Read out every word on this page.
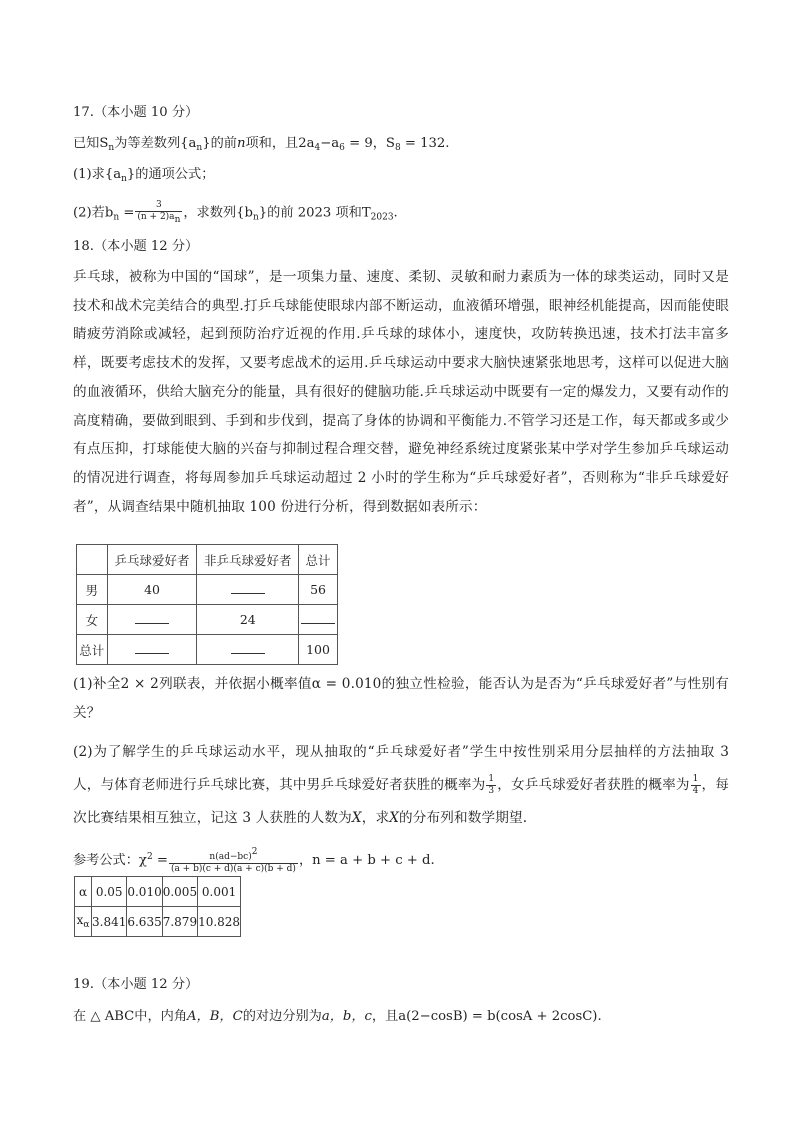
17.（本小题 10 分）
已知$S_n$为等差数列$\{a_n\}$的前n项和，且$2a_4-a_6 = 9$，$S_8 = 132$.
(1)求$\{a_n\}$的通项公式；
(2)若$b_n = \frac{3}{(n + 2)a_n}$ ，求数列$\{b_n\}$的前 2023 项和$T_{2023}$.
18.（本小题 12 分）
乒乓球，被称为中国的“国球”，是一项集力量、速度、柔韧、灵敏和耐力素质为一体的球类运动，同时又是技术和战术完美结合的典型.打乒乓球能使眼球内部不断运动，血液循环增强，眼神经机能提高，因而能使眼睛疲劳消除或减轻，起到预防治疗近视的作用.乒乓球的球体小，速度快，攻防转换迅速，技术打法丰富多样，既要考虑技术的发挥，又要考虑战术的运用.乒乓球运动中要求大脑快速紧张地思考，这样可以促进大脑的血液循环，供给大脑充分的能量，具有很好的健脑功能.乒乓球运动中既要有一定的爆发力，又要有动作的高度精确，要做到眼到、手到和步伐到，提高了身体的协调和平衡能力.不管学习还是工作，每天都或多或少有点压抑，打球能使大脑的兴奋与抑制过程合理交替，避免神经系统过度紧张某中学对学生参加乒乓球运动的情况进行调查，将每周参加乒乓球运动超过 2 小时的学生称为“乒乓球爱好者”，否则称为“非乒乓球爱好者”，从调查结果中随机抽取 100 份进行分析，得到数据如表所示：
	乒乓球爱好者	非乒乓球爱好者	总计
男	40		56
女		24	
总计			100
(1)补全2 × 2列联表，并依据小概率值α = 0.010的独立性检验，能否认为是否为“乒乓球爱好者”与性别有关？
(2)为了解学生的乒乓球运动水平，现从抽取的“乒乓球爱好者”学生中按性别采用分层抽样的方法抽取 3 人，与体育老师进行乒乓球比赛，其中男乒乓球爱好者获胜的概率为 $\frac{1}{3}$ ，女乒乓球爱好者获胜的概率为 $\frac{1}{4}$ ，每次比赛结果相互独立，记这 3 人获胜的人数为X，求X的分布列和数学期望.
参考公式：$\chi^2 = \frac{n(ad-bc)^2}{(a + b)(c + d)(a + c)(b + d)}$ ，n = a + b + c + d.
α	0.05	0.010	0.005	0.001
$x_\alpha$	3.841	6.635	7.879	10.828
19.（本小题 12 分）
在 △ ABC中，内角A，B，C的对边分别为a，b，c，且a(2−cosB) = b(cosA + 2cosC).
